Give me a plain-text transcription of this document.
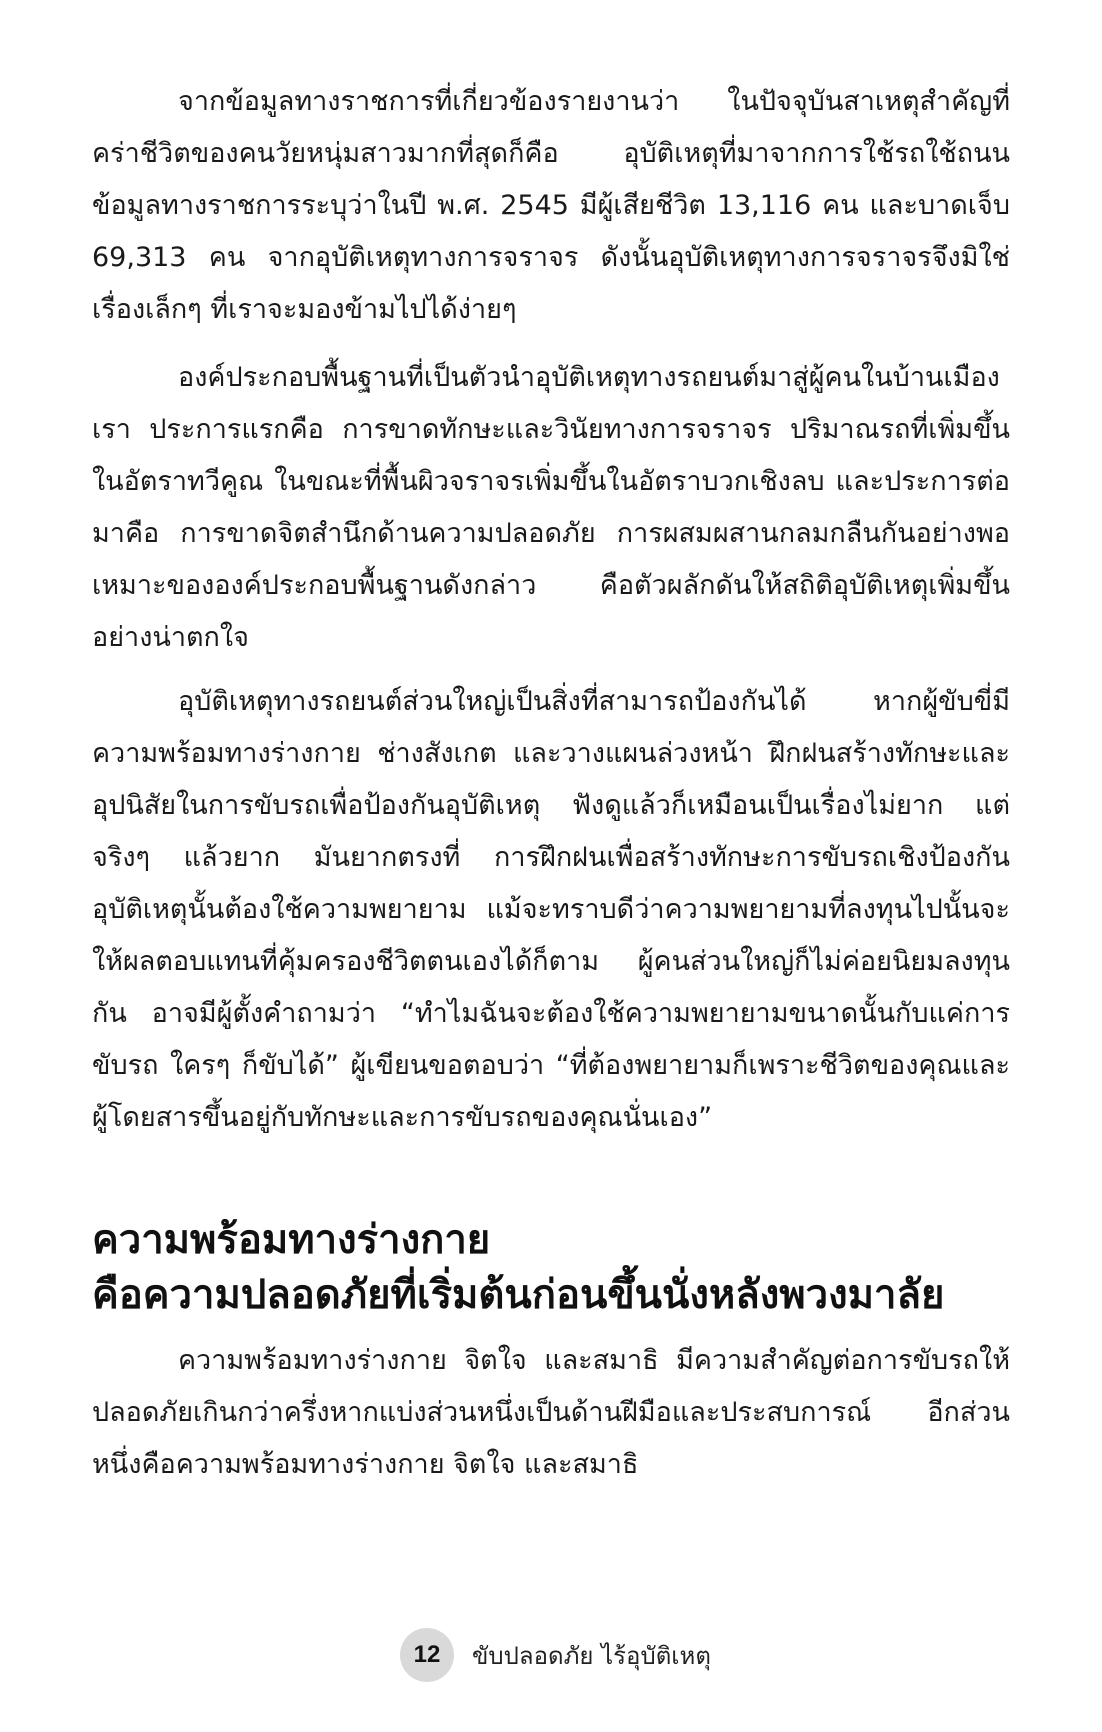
จากข้อมูลทางราชการที่เกี่ยวข้องรายงานว่า ในปัจจุบันสาเหตุสำคัญที่คร่าชีวิตของคนวัยหนุ่มสาวมากที่สุดก็คือ อุบัติเหตุที่มาจากการใช้รถใช้ถนน ข้อมูลทางราชการระบุว่าในปี พ.ศ. 2545 มีผู้เสียชีวิต 13,116 คน และบาดเจ็บ 69,313 คน จากอุบัติเหตุทางการจราจร ดังนั้นอุบัติเหตุทางการจราจรจึงมิใช่เรื่องเล็กๆ ที่เราจะมองข้ามไปได้ง่ายๆ

องค์ประกอบพื้นฐานที่เป็นตัวนำอุบัติเหตุทางรถยนต์มาสู่ผู้คนในบ้านเมืองเรา ประการแรกคือ การขาดทักษะและวินัยทางการจราจร ปริมาณรถที่เพิ่มขึ้นในอัตราทวีคูณ ในขณะที่พื้นผิวจราจรเพิ่มขึ้นในอัตราบวกเชิงลบ และประการต่อมาคือ การขาดจิตสำนึกด้านความปลอดภัย การผสมผสานกลมกลืนกันอย่างพอเหมาะขององค์ประกอบพื้นฐานดังกล่าว คือตัวผลักดันให้สถิติอุบัติเหตุเพิ่มขึ้นอย่างน่าตกใจ

อุบัติเหตุทางรถยนต์ส่วนใหญ่เป็นสิ่งที่สามารถป้องกันได้ หากผู้ขับขี่มีความพร้อมทางร่างกาย ช่างสังเกต และวางแผนล่วงหน้า ฝึกฝนสร้างทักษะและอุปนิสัยในการขับรถเพื่อป้องกันอุบัติเหตุ ฟังดูแล้วก็เหมือนเป็นเรื่องไม่ยาก แต่จริงๆ แล้วยาก มันยากตรงที่ การฝึกฝนเพื่อสร้างทักษะการขับรถเชิงป้องกันอุบัติเหตุนั้นต้องใช้ความพยายาม แม้จะทราบดีว่าความพยายามที่ลงทุนไปนั้นจะให้ผลตอบแทนที่คุ้มครองชีวิตตนเองได้ก็ตาม ผู้คนส่วนใหญ่ก็ไม่ค่อยนิยมลงทุนกัน อาจมีผู้ตั้งคำถามว่า “ทำไมฉันจะต้องใช้ความพยายามขนาดนั้นกับแค่การขับรถ ใครๆ ก็ขับได้” ผู้เขียนขอตอบว่า “ที่ต้องพยายามก็เพราะชีวิตของคุณและผู้โดยสารขึ้นอยู่กับทักษะและการขับรถของคุณนั่นเอง”

ความพร้อมทางร่างกาย
คือความปลอดภัยที่เริ่มต้นก่อนขึ้นนั่งหลังพวงมาลัย

ความพร้อมทางร่างกาย จิตใจ และสมาธิ มีความสำคัญต่อการขับรถให้ปลอดภัยเกินกว่าครึ่งหากแบ่งส่วนหนึ่งเป็นด้านฝีมือและประสบการณ์ อีกส่วนหนึ่งคือความพร้อมทางร่างกาย จิตใจ และสมาธิ

12	ขับปลอดภัย ไร้อุบัติเหตุ
